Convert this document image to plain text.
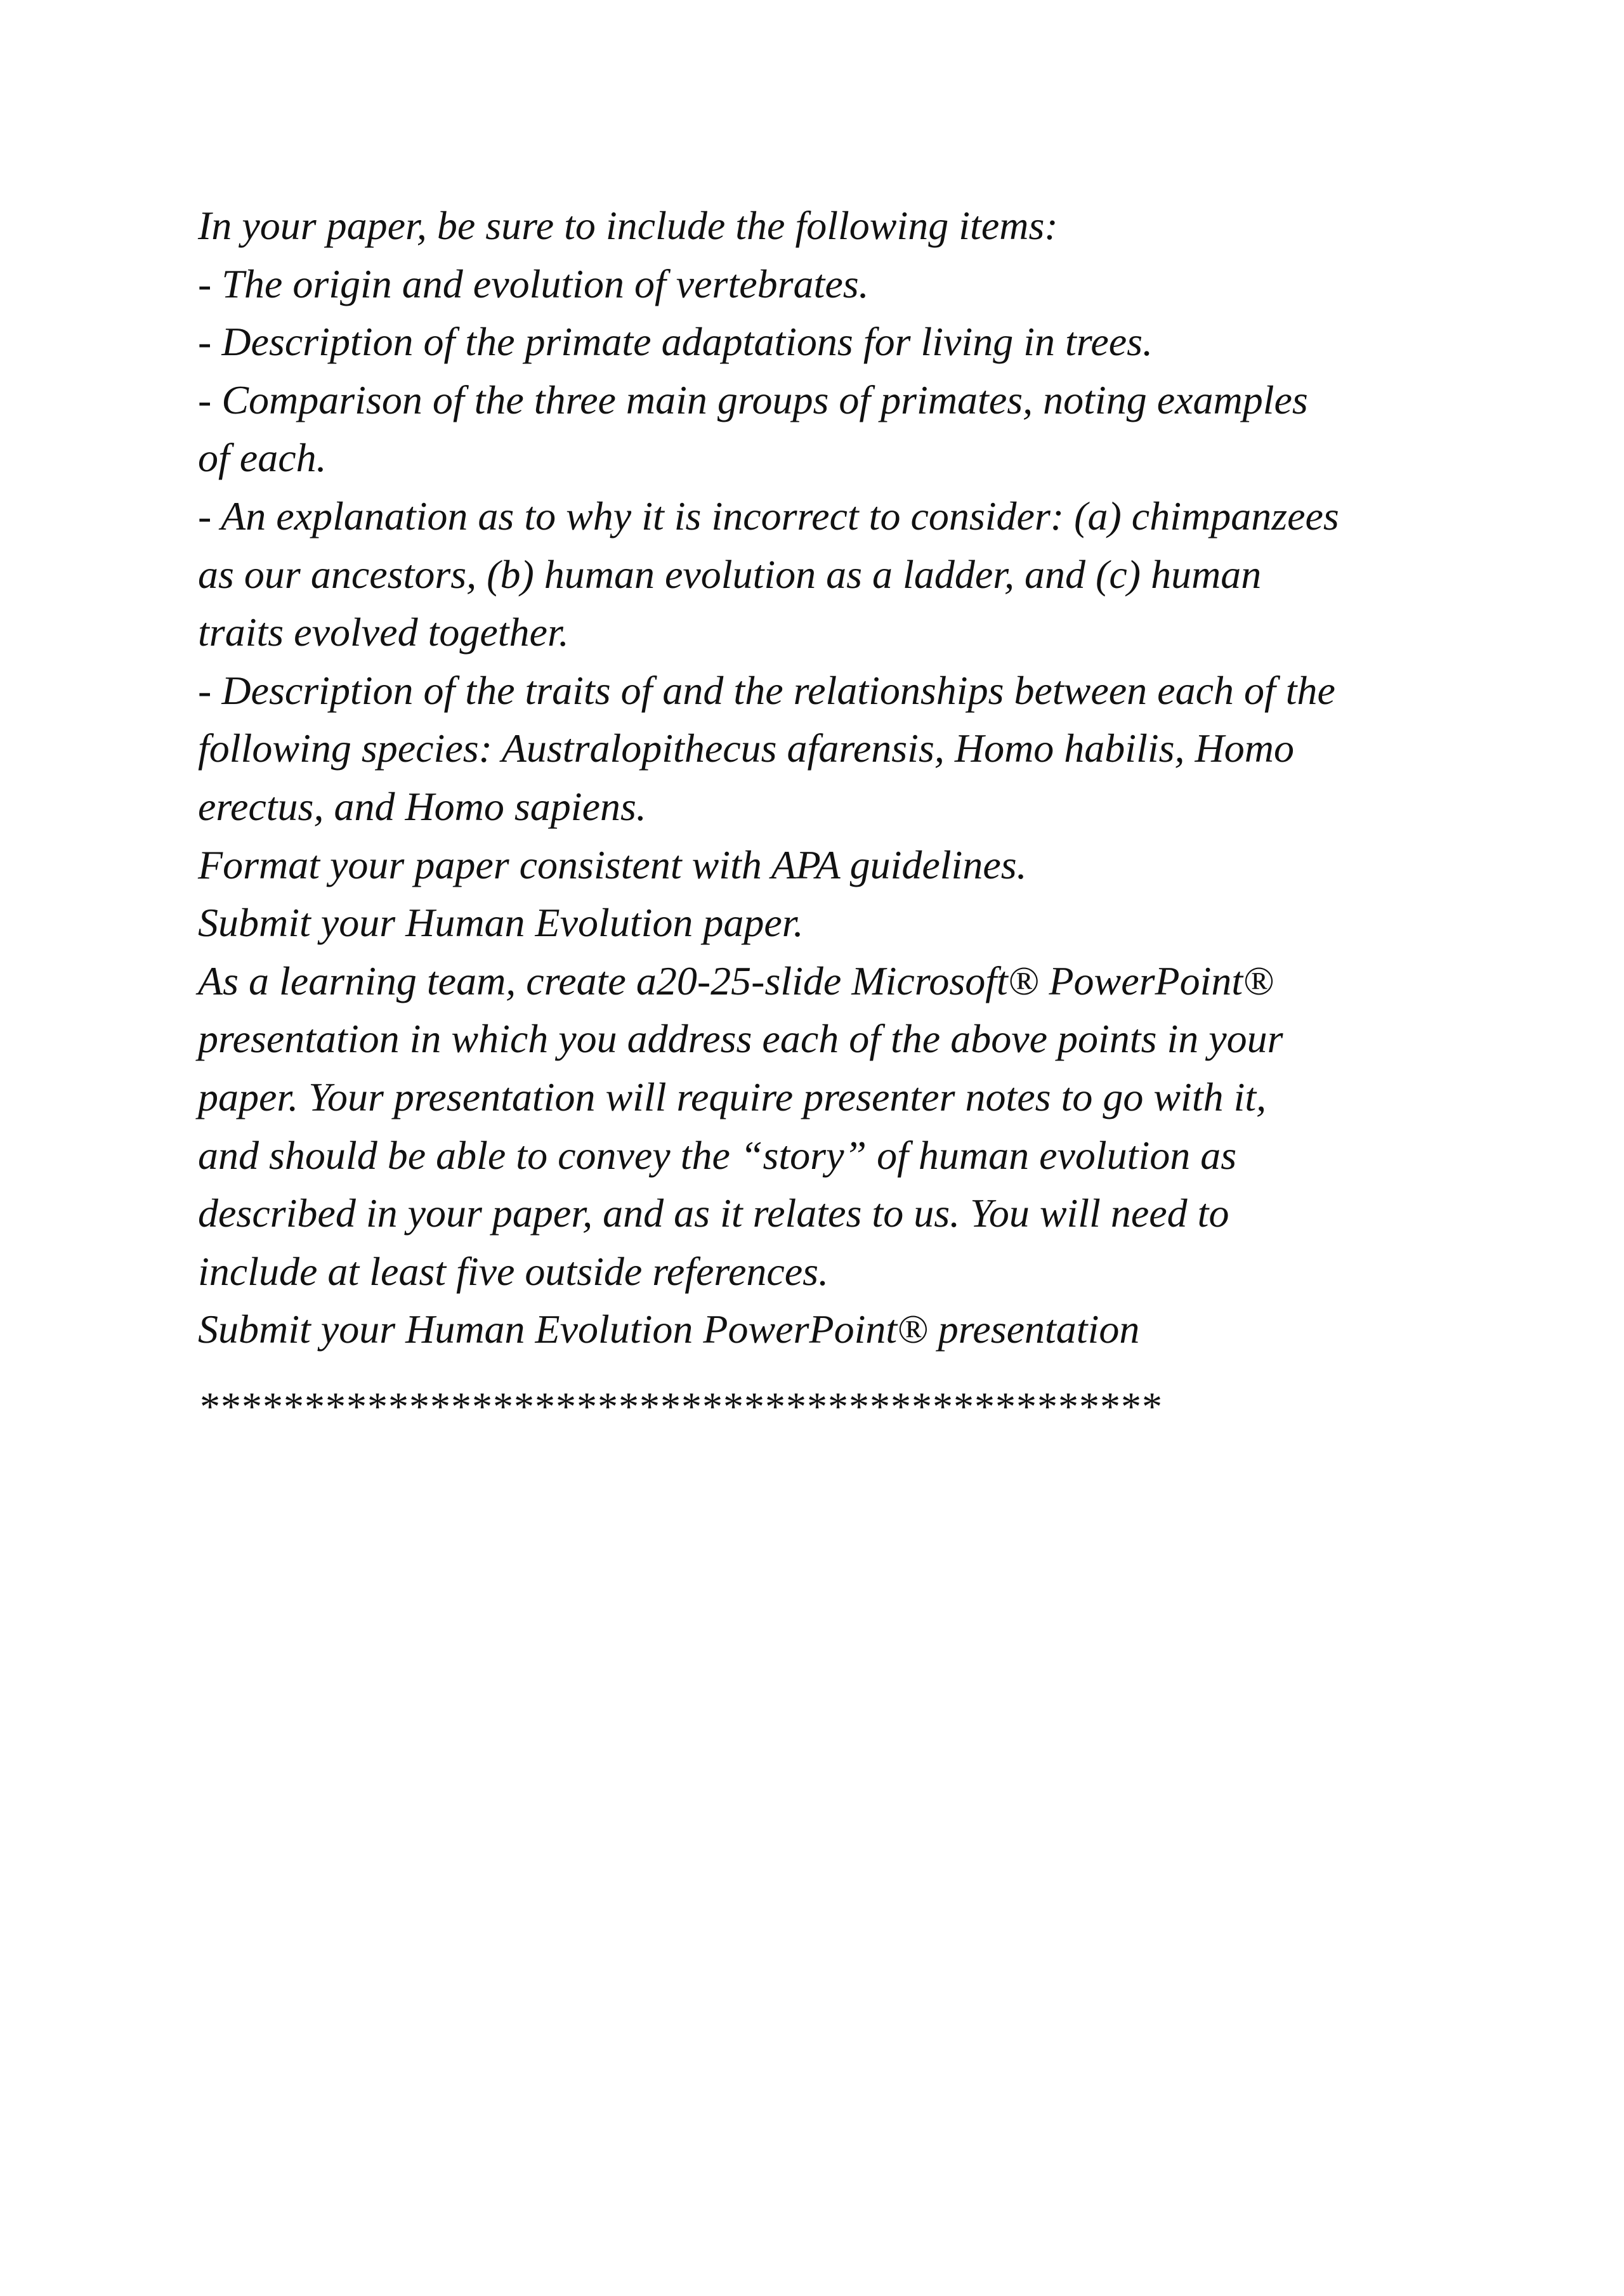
In your paper, be sure to include the following items:
- The origin and evolution of vertebrates.
- Description of the primate adaptations for living in trees.
- Comparison of the three main groups of primates, noting examples
of each.
- An explanation as to why it is incorrect to consider: (a) chimpanzees
as our ancestors, (b) human evolution as a ladder, and (c) human
traits evolved together.
- Description of the traits of and the relationships between each of the
following species: Australopithecus afarensis, Homo habilis, Homo
erectus, and Homo sapiens.
Format your paper consistent with APA guidelines.
Submit your Human Evolution paper.
As a learning team, create a20-25-slide Microsoft® PowerPoint®
presentation in which you address each of the above points in your
paper. Your presentation will require presenter notes to go with it,
and should be able to convey the “story” of human evolution as
described in your paper, and as it relates to us. You will need to
include at least five outside references.
Submit your Human Evolution PowerPoint® presentation
**********************************************
